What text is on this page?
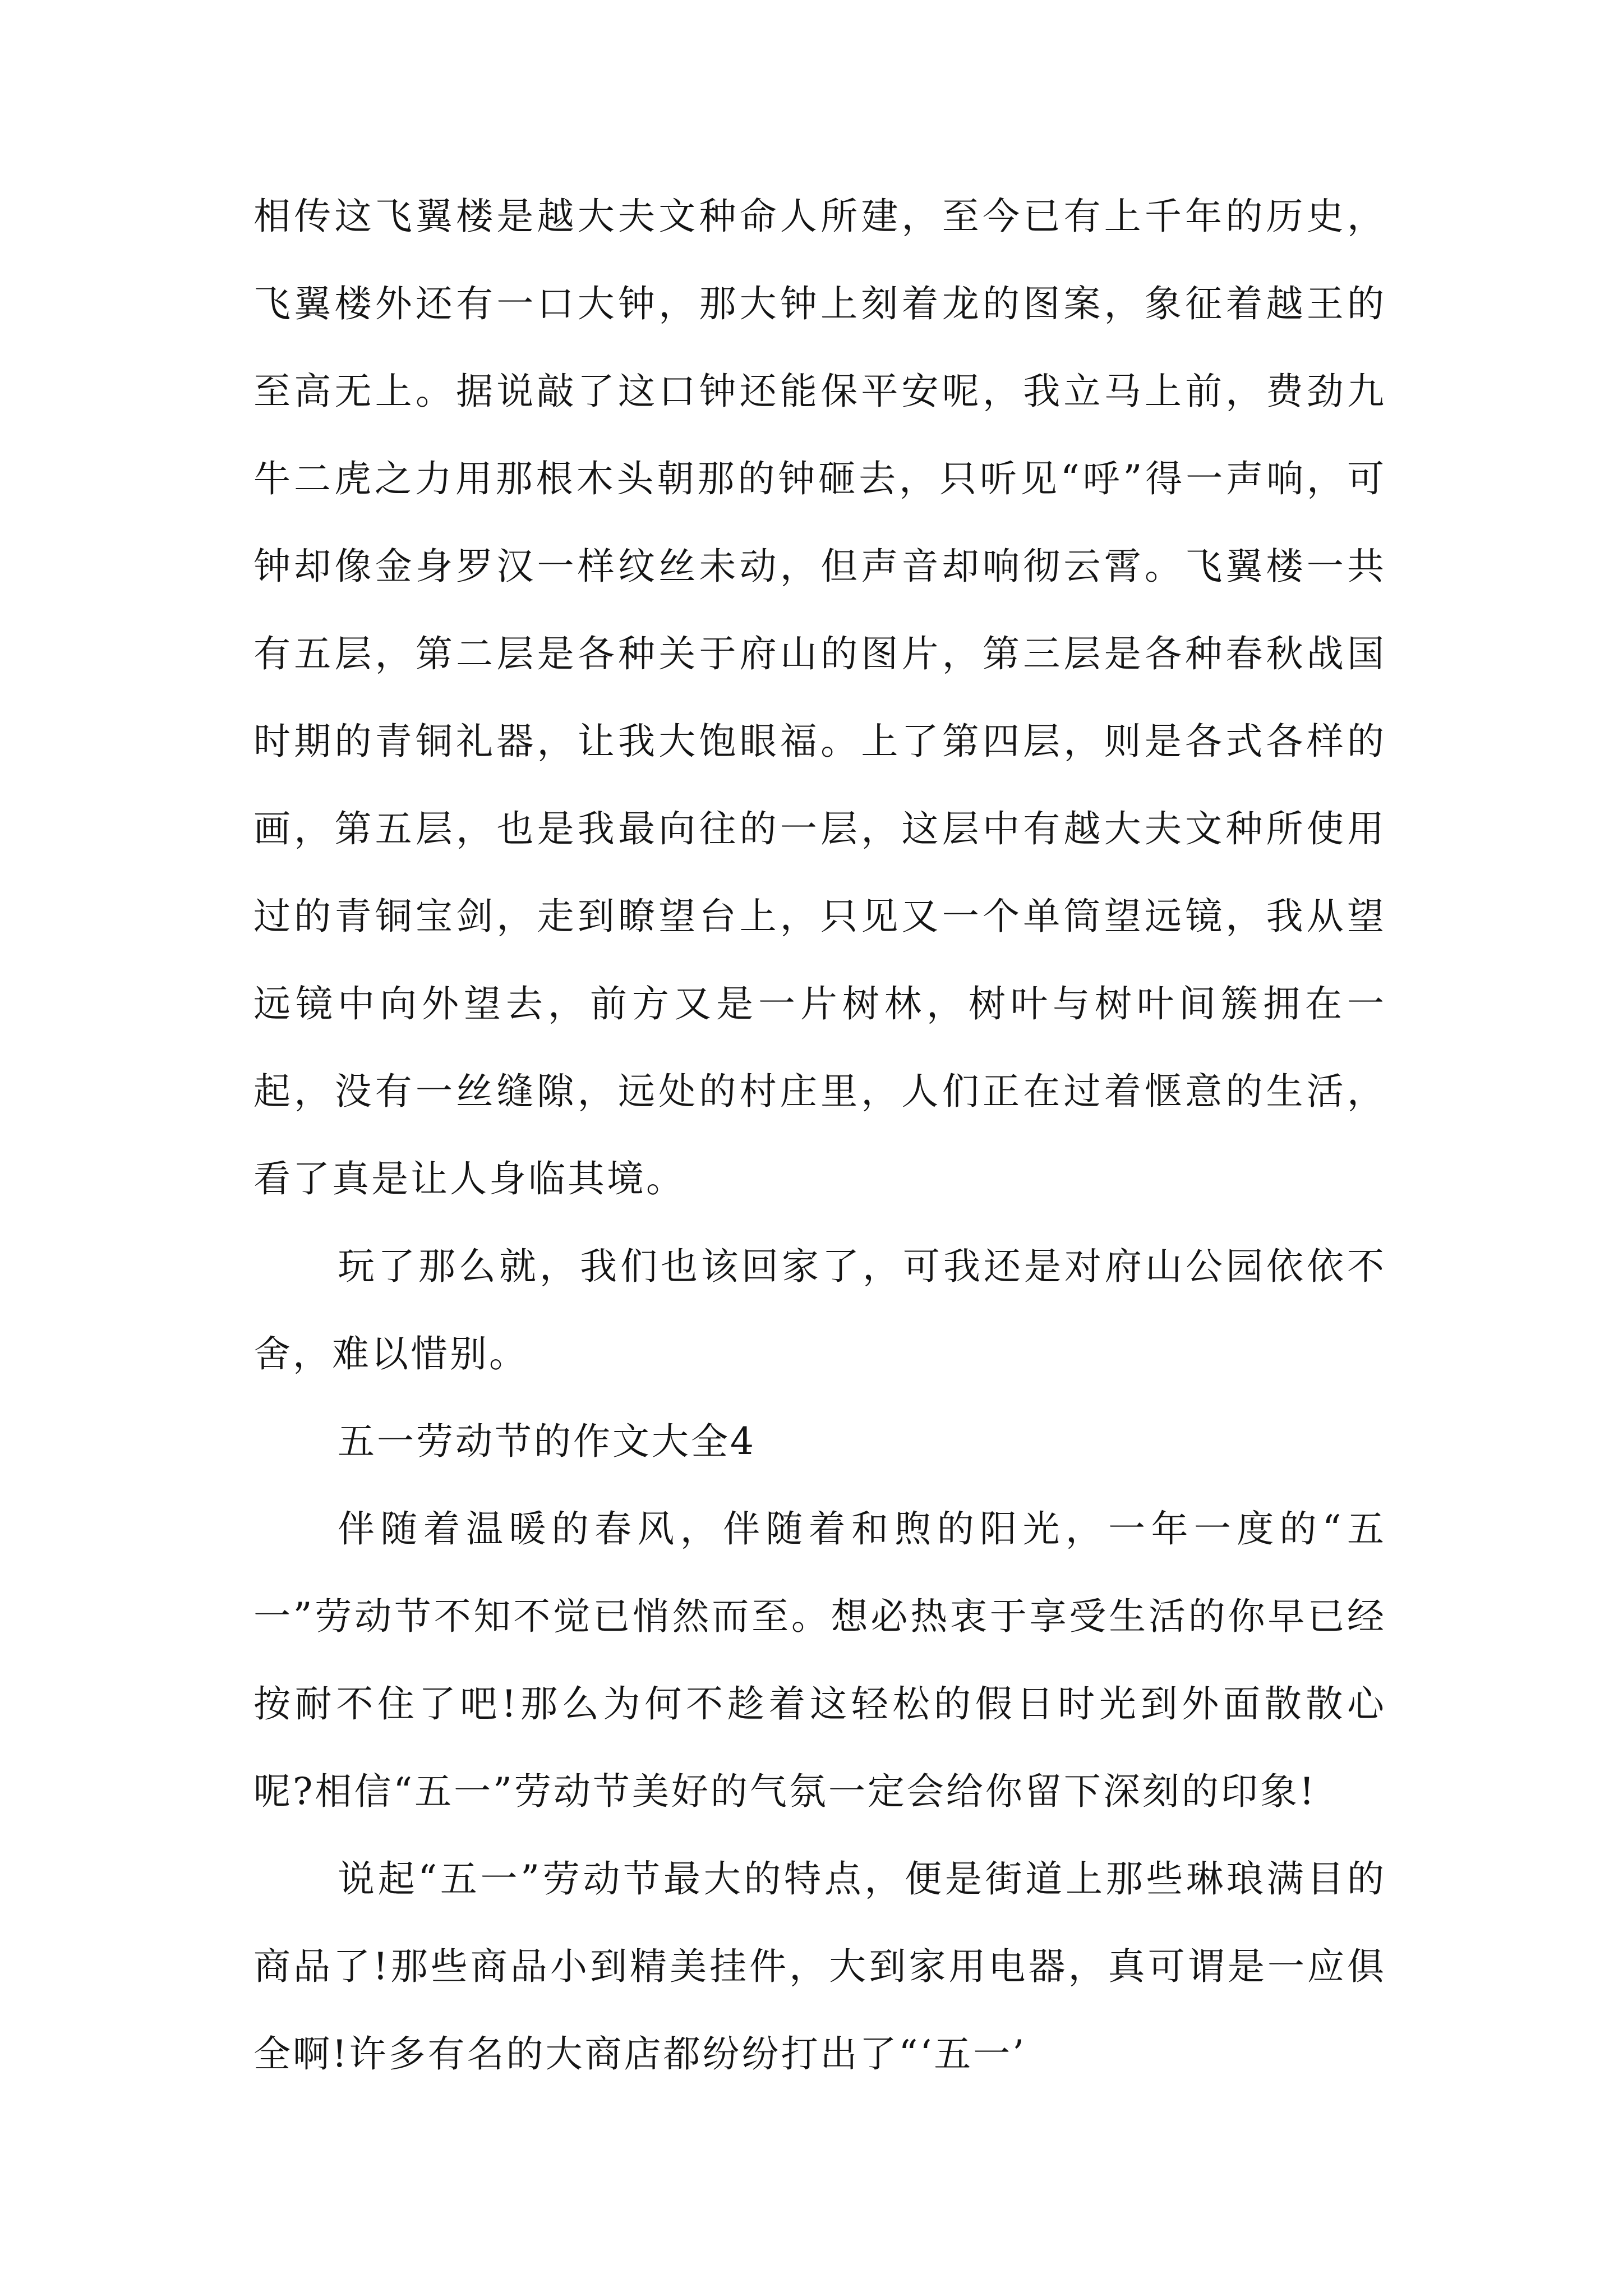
相传这飞翼楼是越大夫文种命人所建，至今已有上千年的历史，飞翼楼外还有一口大钟，那大钟上刻着龙的图案，象征着越王的至高无上。据说敲了这口钟还能保平安呢，我立马上前，费劲九牛二虎之力用那根木头朝那的钟砸去，只听见“呼”得一声响，可钟却像金身罗汉一样纹丝未动，但声音却响彻云霄。飞翼楼一共有五层，第二层是各种关于府山的图片，第三层是各种春秋战国时期的青铜礼器，让我大饱眼福。上了第四层，则是各式各样的画，第五层，也是我最向往的一层，这层中有越大夫文种所使用过的青铜宝剑，走到瞭望台上，只见又一个单筒望远镜，我从望远镜中向外望去，前方又是一片树林，树叶与树叶间簇拥在一起，没有一丝缝隙，远处的村庄里，人们正在过着惬意的生活，看了真是让人身临其境。

玩了那么就，我们也该回家了，可我还是对府山公园依依不舍，难以惜别。

五一劳动节的作文大全4

伴随着温暖的春风，伴随着和煦的阳光，一年一度的“五一”劳动节不知不觉已悄然而至。想必热衷于享受生活的你早已经按耐不住了吧!那么为何不趁着这轻松的假日时光到外面散散心呢?相信“五一”劳动节美好的气氛一定会给你留下深刻的印象!

说起“五一”劳动节最大的特点，便是街道上那些琳琅满目的商品了!那些商品小到精美挂件，大到家用电器，真可谓是一应俱全啊!许多有名的大商店都纷纷打出了“‘五一’
